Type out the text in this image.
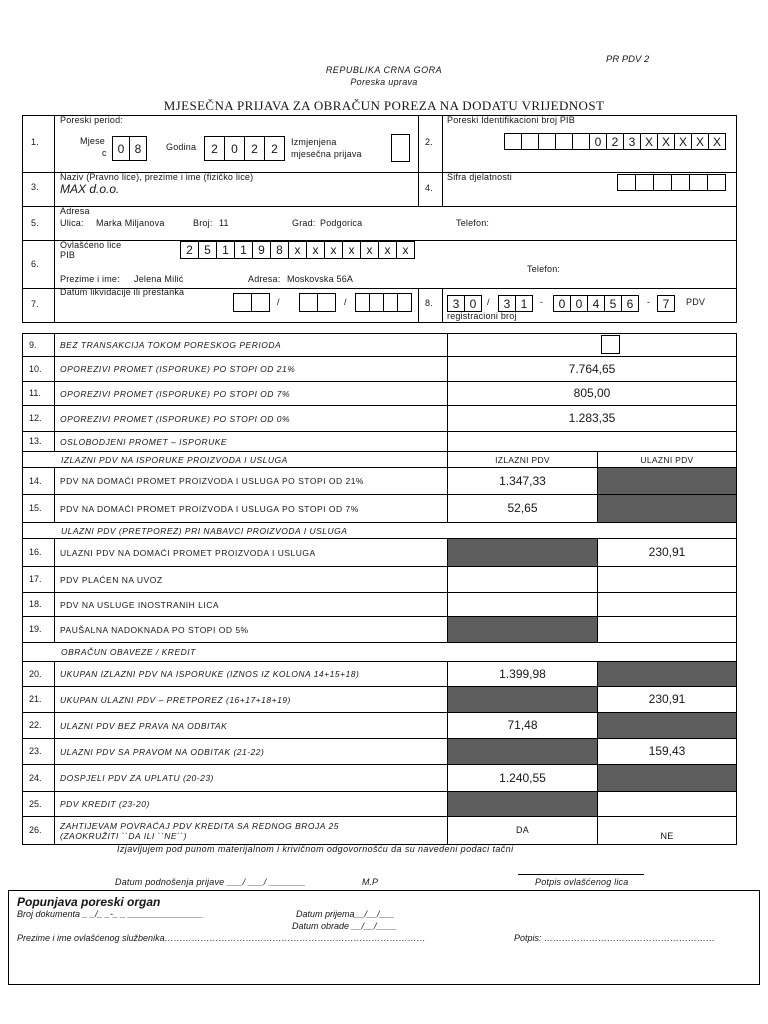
PR PDV 2
REPUBLIKA CRNA GORA
Poreska uprava
MJESEČNA PRIJAVA ZA OBRAČUN POREZA NA DODATU VRIJEDNOST
1.
Poreski period:
Mjese
c 0 8	Godina	2	0	2	2	Izmjenjena
mjesečna prijava
2.
Poreski Identifikacioni broj PIB
0 2 3 X X X X X
3.
Naziv (Pravno lice), prezime i ime (fizičko lice)
MAX d.o.o.	4.
Šifra djelatnosti
5.
Adresa
Ulica: Marka Miljanova	Broj: 11	Grad: Podgorica	Telefon:
6.
Ovlašćeno lice
PIB	2 5 1 1 9 8 x	x	x	x	x	x	x
Prezime i ime: Jelena Milić	Adresa: Moskovska 56A
Telefon:
7.
Datum likvidacije ili prestanka
/	/	8.	3 0	/	3 1	-	0 0 4 5 6	-	7	PDV
registracioni broj
9.	BEZ TRANSAKCIJA TOKOM PORESKOG PERIODA		
10.	OPOREZIVI PROMET (ISPORUKE) PO STOPI OD 21%	7.764,65	
11.	OPOREZIVI PROMET (ISPORUKE) PO STOPI OD 7%	805,00	
12.	OPOREZIVI PROMET (ISPORUKE) PO STOPI OD 0%	1.283,35	
13.	OSLOBODJENI PROMET – ISPORUKE		
IZLAZNI PDV NA ISPORUKE PROIZVODA I USLUGA		IZLAZNI PDV	ULAZNI PDV
14.	PDV NA DOMAĆI PROMET PROIZVODA I USLUGA PO STOPI OD 21%	1.347,33	
15.	PDV NA DOMAĆI PROMET PROIZVODA I USLUGA PO STOPI OD 7%	52,65	
ULAZNI PDV (PRETPOREZ) PRI NABAVCI PROIZVODA I USLUGA			
16.	ULAZNI PDV NA DOMAĆI PROMET PROIZVODA I USLUGA		230,91
17.	PDV PLAĆEN NA UVOZ		
18.	PDV NA USLUGE INOSTRANIH LICA		
19.	PAUŠALNA NADOKNADA PO STOPI OD 5%		
OBRAČUN OBAVEZE / KREDIT			
20.	UKUPAN IZLAZNI PDV NA ISPORUKE (IZNOS IZ KOLONA 14+15+18)	1.399,98	
21.	UKUPAN ULAZNI PDV – PRETPOREZ (16+17+18+19)		230,91
22.	ULAZNI PDV BEZ PRAVA NA ODBITAK	71,48	
23.	ULAZNI PDV SA PRAVOM NA ODBITAK (21-22)		159,43
24.	DOSPJELI PDV ZA UPLATU (20-23)	1.240,55	
25.	PDV KREDIT (23-20)		
26.	ZAHTIJEVAM POVRAĆAJ PDV KREDITA SA REDNOG BROJA 25
(ZAOKRUŽITI ``DA ILI ``NE``)	DA	NE
Izjavljujem pod punom materijalnom i krivičnom odgovornošću da su navedeni podaci tačni
Datum podnošenja prijave ___/ ___/ _______	M.P	Potpis ovlašćenog lica
Popunjava poreski organ
Broj dokumenta _ _/_ _-_ _ _______________	Datum prijema__/__/___
Datum obrade __/__/____
Prezime i ime ovlašćenog službenika……………………………………………………………………………	Potpis: …………………………………………………
